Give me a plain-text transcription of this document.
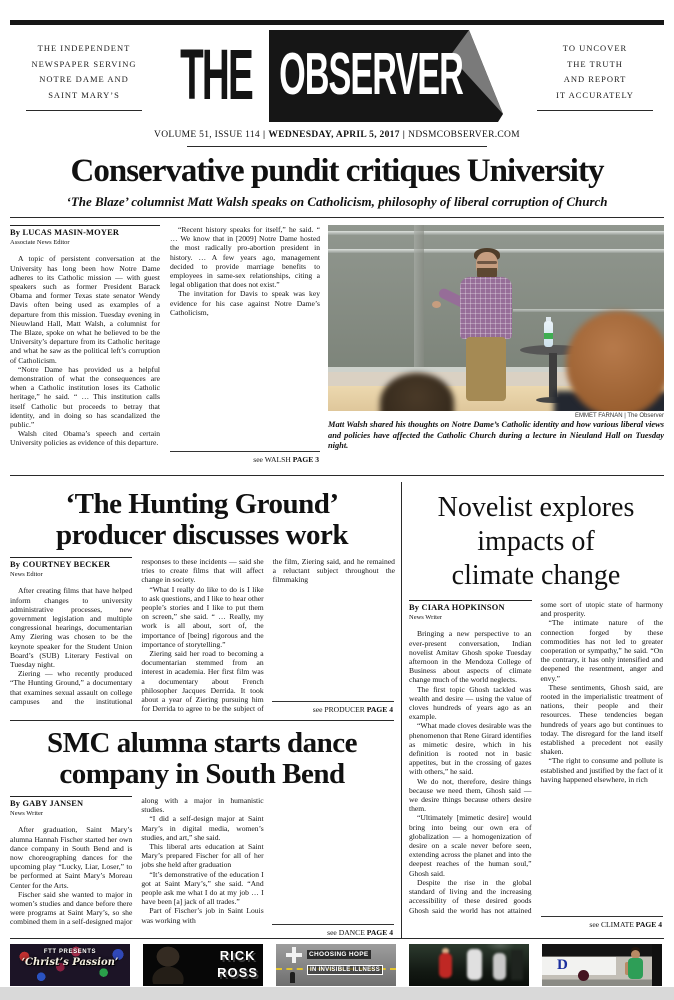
THE INDEPENDENT
NEWSPAPER SERVING
NOTRE DAME AND
SAINT MARY’S	THE OBSERVER	TO UNCOVER
THE TRUTH
AND REPORT
IT ACCURATELY
VOLUME 51, ISSUE 114 | WEDNESDAY, APRIL 5, 2017 | NDSMCOBSERVER.COM
Conservative pundit critiques University
‘The Blaze’ columnist Matt Walsh speaks on Catholicism, philosophy of liberal corruption of Church
By LUCAS MASIN-MOYER
Associate News Editor

A topic of persistent conversation at the University has long been how Notre Dame adheres to its Catholic mission — with guest speakers such as former President Barack Obama and former Texas state senator Wendy Davis often being used as examples of a departure from this mission. Tuesday evening in Nieuwland Hall, Matt Walsh, a columnist for The Blaze, spoke on what he believed to be the University’s departure from its Catholic heritage and what he saw as the political left’s corruption of Catholicism.

“Notre Dame has provided us a helpful demonstration of what the consequences are when a Catholic institution loses its Catholic heritage,” he said. “ … This institution calls itself Catholic but proceeds to betray that identity, and in doing so has scandalized the public.”

Walsh cited Obama’s speech and certain University policies as evidence of this departure.

“Recent history speaks for itself,” he said. “ … We know that in [2009] Notre Dame hosted the most radically pro-abortion president in history. … A few years ago, management decided to provide marriage benefits to employees in same-sex relationships, citing a legal obligation that does not exist.”

The invitation for Davis to speak was key evidence for his case against Notre Dame’s Catholicism,

see WALSH PAGE 3
EMMET FARNAN | The Observer
Matt Walsh shared his thoughts on Notre Dame’s Catholic identity and how various liberal views and policies have affected the Catholic Church during a lecture in Nieuland Hall on Tuesday night.
‘The Hunting Ground’
producer discusses work
By COURTNEY BECKER
News Editor

After creating films that have helped inform changes to university administrative processes, new government legislation and multiple congressional hearings, documentarian Amy Ziering was chosen to be the keynote speaker for the Student Union Board’s (SUB) Literary Festival on Tuesday night.

Ziering — who recently produced “The Hunting Ground,” a documentary that examines sexual assault on college campuses and the institutional responses to these incidents — said she tries to create films that will affect change in society.

“What I really do like to do is I like to ask questions, and I like to hear other people’s stories and I like to put them on screen,” she said. “ … Really, my work is all about, sort of, the importance of [being] rigorous and the importance of storytelling.”

Ziering said her road to becoming a documentarian stemmed from an interest in academia. Her first film was a documentary about French philosopher Jacques Derrida. It took about a year of Ziering pursuing him for Derrida to agree to be the subject of the film, Ziering said, and he remained a reluctant subject throughout the filmmaking

see PRODUCER PAGE 4
SMC alumna starts dance
company in South Bend
By GABY JANSEN
News Writer

After graduation, Saint Mary’s alumna Hannah Fischer started her own dance company in South Bend and is now choreographing dances for the upcoming play “Lucky, Liar, Loser,” to be performed at Saint Mary’s Moreau Center for the Arts.

Fischer said she wanted to major in women’s studies and dance before there were programs at Saint Mary’s, so she combined them in a self-designed major along with a major in humanistic studies.

“I did a self-design major at Saint Mary’s in digital media, women’s studies, and art,” she said.

This liberal arts education at Saint Mary’s prepared Fischer for all of her jobs she held after graduation

“It’s demonstrative of the education I got at Saint Mary’s,” she said. “And people ask me what I do at my job … I have been [a] jack of all trades.”

Part of Fischer’s job in Saint Louis was working with

see DANCE PAGE 4
Novelist explores
impacts of
climate change
By CIARA HOPKINSON
News Writer

Bringing a new perspective to an ever-present conversation, Indian novelist Amitav Ghosh spoke Tuesday afternoon in the Mendoza College of Business about aspects of climate change much of the world neglects.

The first topic Ghosh tackled was wealth and desire — using the value of cloves hundreds of years ago as an example.

“What made cloves desirable was the phenomenon that Rene Girard identifies as mimetic desire, which in his definition is rooted not in basic appetites, but in the crossing of gazes with others,” he said.

We do not, therefore, desire things because we need them, Ghosh said — we desire things because others desire them.

“Ultimately [mimetic desire] would bring into being our own era of globalization — a homogenization of desire on a scale never before seen, extending across the planet and into the deepest reaches of the human soul,” Ghosh said.

Despite the rise in the global standard of living and the increasing accessibility of these desired goods Ghosh said the world has not attained some sort of utopic state of harmony and prosperity.

“The intimate nature of the connection forged by these commodities has not led to greater cooperation or sympathy,” he said. “On the contrary, it has only intensified and deepened the resentment, anger and envy.”

These sentiments, Ghosh said, are rooted in the imperialistic treatment of nations, their people and their resources. These tendencies began hundreds of years ago but continues to today. The disregard for the land itself established a precedent not easily shaken.

“The right to consume and pollute is established and justified by the fact of it having happened elsewhere, in rich

see CLIMATE PAGE 4
FTT PRESENTS
‘Christ’s Passion’	RICK
ROSS
CHOOSING HOPE
IN INVISIBLE ILLNESS	D
